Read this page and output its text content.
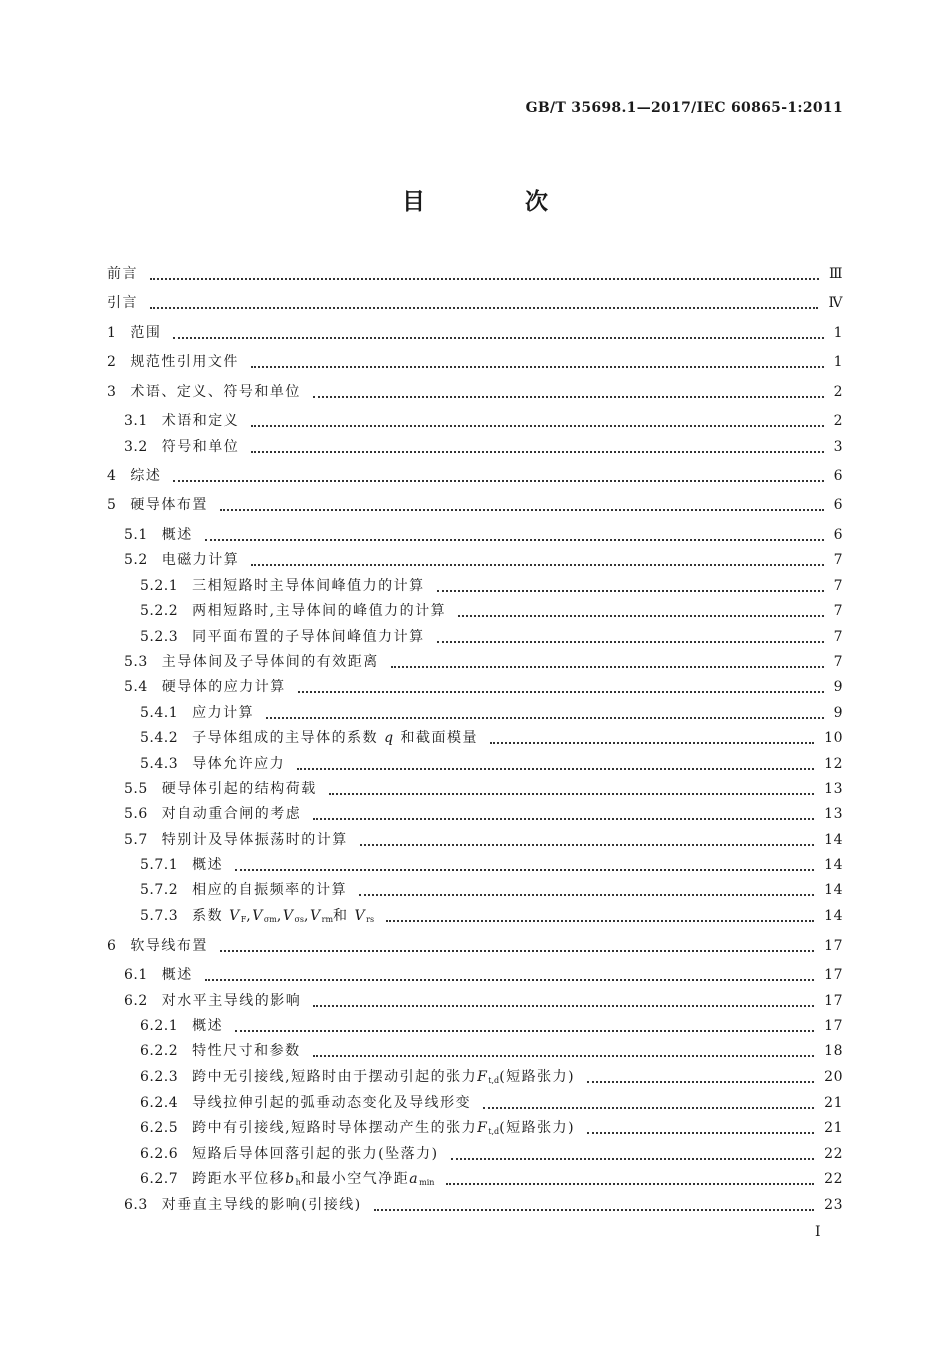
GB/T 35698.1—2017/IEC 60865-1:2011
目 次
前言	Ⅲ
引言	Ⅳ
1 范围	1
2 规范性引用文件	1
3 术语、定义、符号和单位	2
3.1 术语和定义	2
3.2 符号和单位	3
4 综述	6
5 硬导体布置	6
5.1 概述	6
5.2 电磁力计算	7
5.2.1 三相短路时主导体间峰值力的计算	7
5.2.2 两相短路时,主导体间的峰值力的计算	7
5.2.3 同平面布置的子导体间峰值力计算	7
5.3 主导体间及子导体间的有效距离	7
5.4 硬导体的应力计算	9
5.4.1 应力计算	9
5.4.2 子导体组成的主导体的系数 q 和截面模量	10
5.4.3 导体允许应力	12
5.5 硬导体引起的结构荷载	13
5.6 对自动重合闸的考虑	13
5.7 特别计及导体振荡时的计算	14
5.7.1 概述	14
5.7.2 相应的自振频率的计算	14
5.7.3 系数 $V_F,V_{\sigma m},V_{\sigma s},V_{rm}$和 $V_{rs}$	14
6 软导线布置	17
6.1 概述	17
6.2 对水平主导线的影响	17
6.2.1 概述	17
6.2.2 特性尺寸和参数	18
6.2.3 跨中无引接线,短路时由于摆动引起的张力$F_{t,d}$(短路张力)	20
6.2.4 导线拉伸引起的弧垂动态变化及导线形变	21
6.2.5 跨中有引接线,短路时导体摆动产生的张力$F_{t,d}$(短路张力)	21
6.2.6 短路后导体回落引起的张力(坠落力)	22
6.2.7 跨距水平位移$b_h$和最小空气净距$a_{min}$	22
6.3 对垂直主导线的影响(引接线)	23
I
